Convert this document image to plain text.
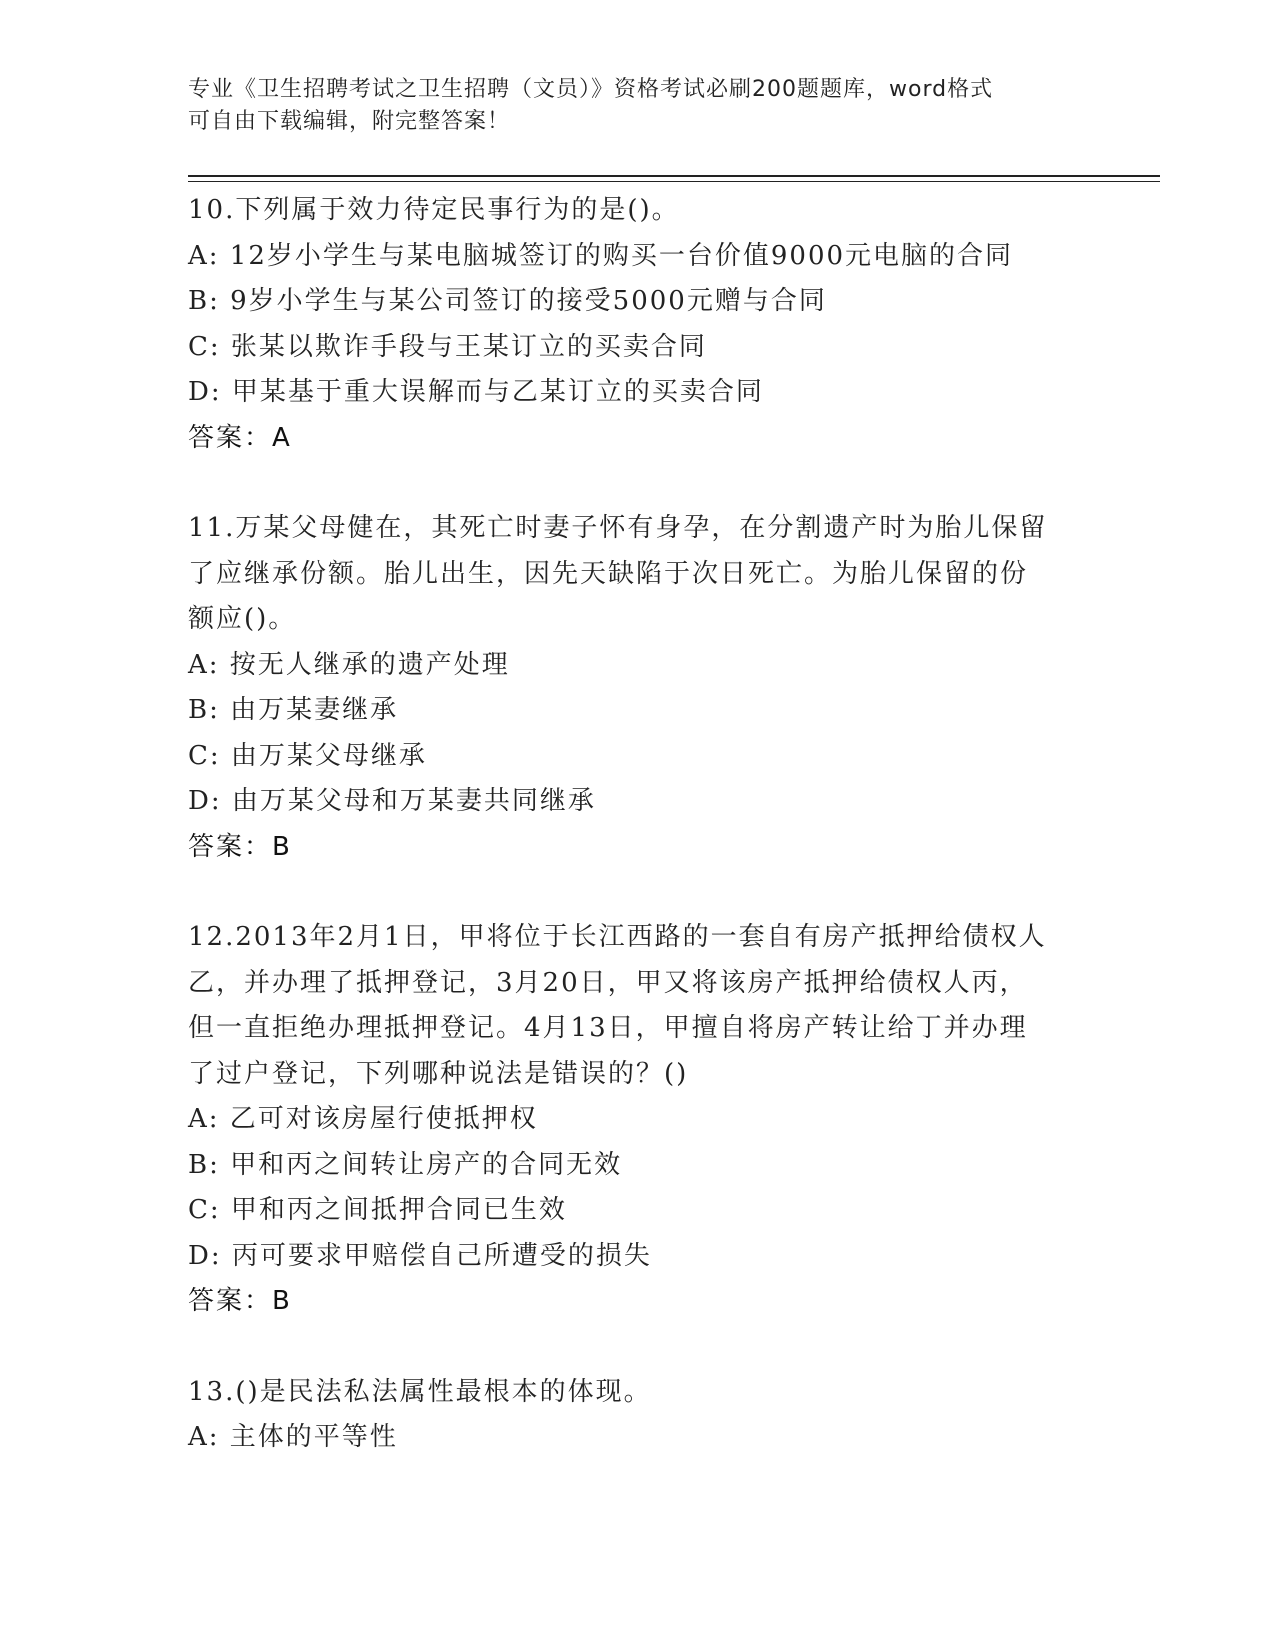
专业《卫生招聘考试之卫生招聘（文员）》资格考试必刷200题题库，word格式
可自由下载编辑，附完整答案！
10.下列属于效力待定民事行为的是()。
A: 12岁小学生与某电脑城签订的购买一台价值9000元电脑的合同
B: 9岁小学生与某公司签订的接受5000元赠与合同
C: 张某以欺诈手段与王某订立的买卖合同
D: 甲某基于重大误解而与乙某订立的买卖合同
答案：A
11.万某父母健在，其死亡时妻子怀有身孕，在分割遗产时为胎儿保留
了应继承份额。胎儿出生，因先天缺陷于次日死亡。为胎儿保留的份
额应()。
A: 按无人继承的遗产处理
B: 由万某妻继承
C: 由万某父母继承
D: 由万某父母和万某妻共同继承
答案：B
12.2013年2月1日，甲将位于长江西路的一套自有房产抵押给债权人
乙，并办理了抵押登记，3月20日，甲又将该房产抵押给债权人丙，
但一直拒绝办理抵押登记。4月13日，甲擅自将房产转让给丁并办理
了过户登记，下列哪种说法是错误的？()
A: 乙可对该房屋行使抵押权
B: 甲和丙之间转让房产的合同无效
C: 甲和丙之间抵押合同已生效
D: 丙可要求甲赔偿自己所遭受的损失
答案：B
13.()是民法私法属性最根本的体现。
A: 主体的平等性
